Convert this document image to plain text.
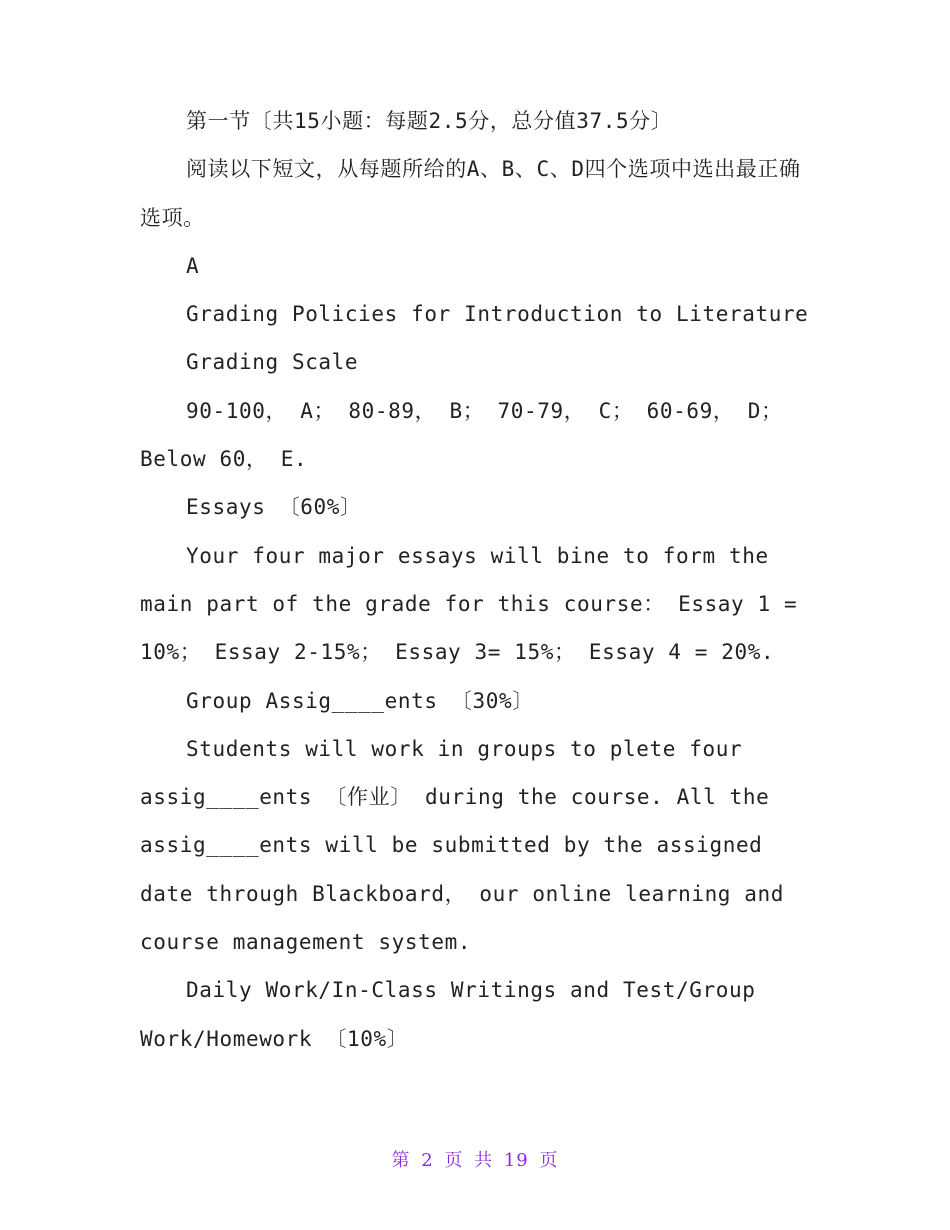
第一节〔共15小题：每题2.5分，总分值37.5分〕

阅读以下短文，从每题所给的A、B、C、D四个选项中选出最正确选项。

A

Grading Policies for Introduction to Literature

Grading Scale

90-100， A； 80-89， B； 70-79， C； 60-69， D； Below 60， E.

Essays 〔60%〕

Your four major essays will bine to form the main part of the grade for this course： Essay 1 = 10%； Essay 2-15%； Essay 3= 15%； Essay 4 = 20%.

Group Assig____ents 〔30%〕

Students will work in groups to plete four assig____ents 〔作业〕 during the course. All the assig____ents will be submitted by the assigned date through Blackboard， our online learning and course management system.

Daily Work/In-Class Writings and Test/Group Work/Homework 〔10%〕

第 2 页 共 19 页
